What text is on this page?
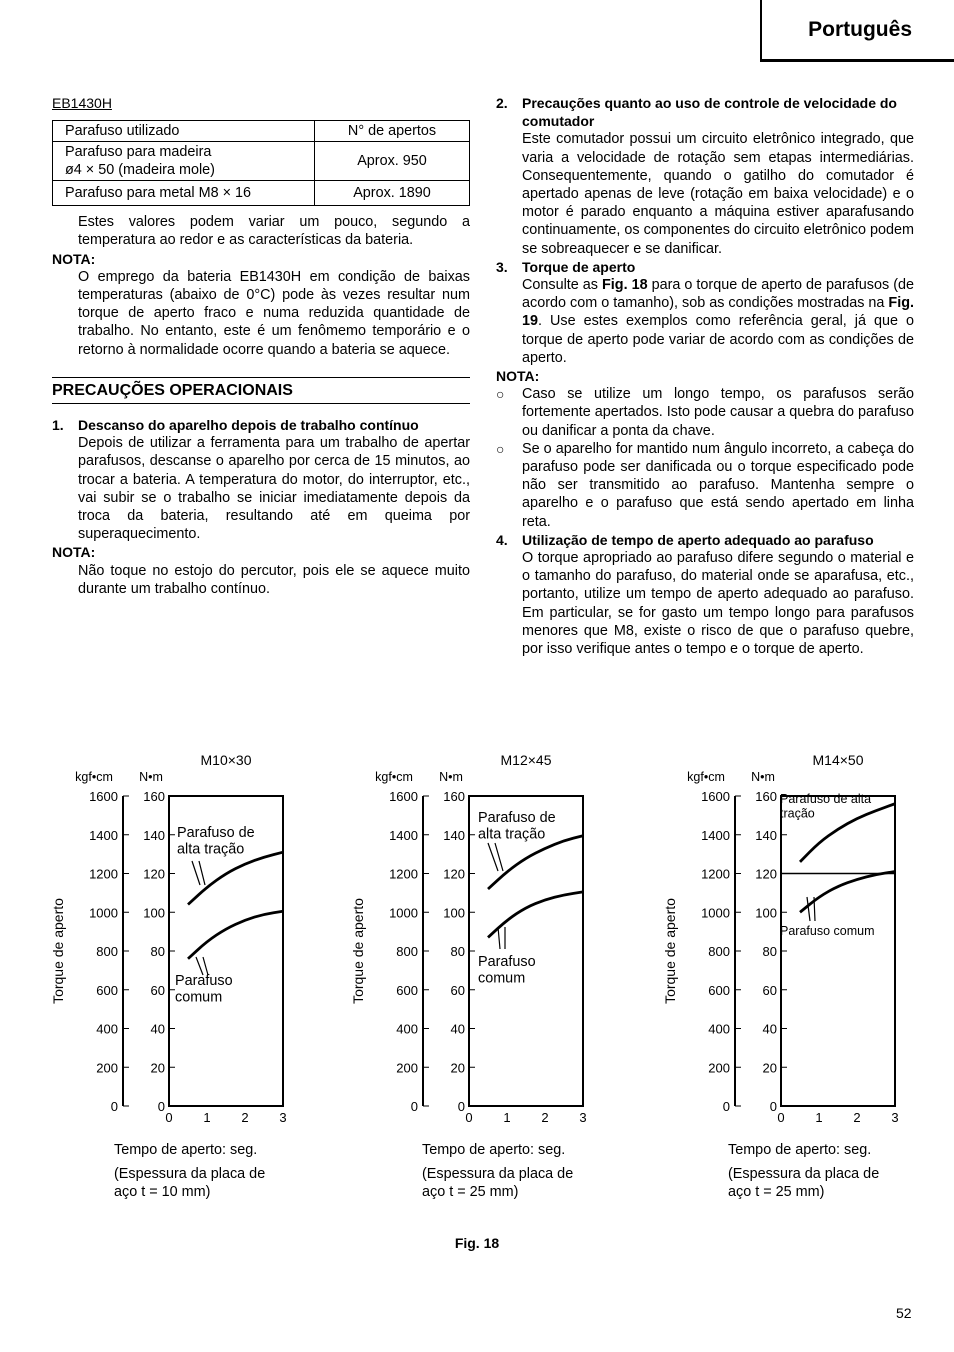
Português
EB1430H
Parafuso utilizado	N° de apertos

Parafuso para madeira
ø4 × 50 (madeira mole)	Aprox. 950
Parafuso para metal M8 × 16	Aprox. 1890

Estes valores podem variar um pouco, segundo a temperatura ao redor e as características da bateria.

NOTA:

O emprego da bateria EB1430H em condição de baixas temperaturas (abaixo de 0°C) pode às vezes resultar num torque de aperto fraco e numa reduzida quantidade de trabalho. No entanto, este é um fenômemo temporário e o retorno à normalidade ocorre quando a bateria se aquece.

PRECAUÇÕES OPERACIONAIS
1.	Descanso do aparelho depois de trabalho contínuo

Depois de utilizar a ferramenta para um trabalho de apertar parafusos, descanse o aparelho por cerca de 15 minutos, ao trocar a bateria. A temperatura do motor, do interruptor, etc., vai subir se o trabalho se iniciar imediatamente depois da troca da bateria, resultando até em queima por superaquecimento.

NOTA:

Não toque no estojo do percutor, pois ele se aquece muito durante um trabalho contínuo.

2.	Precauções quanto ao uso de controle de velocidade do comutador

Este comutador possui um circuito eletrônico integrado, que varia a velocidade de rotação sem etapas intermediárias. Consequentemente, quando o gatilho do comutador é apertado apenas de leve (rotação em baixa velocidade) e o motor é parado enquanto a máquina estiver aparafusando continuamente, os componentes do circuito eletrônico podem se sobreaquecer e se danificar.

3.	Torque de aperto

Consulte as Fig. 18 para o torque de aperto de parafusos (de acordo com o tamanho), sob as condições mostradas na Fig. 19. Use estes exemplos como referência geral, já que o torque de aperto pode variar de acordo com as condições de aperto.

NOTA:

○	Caso se utilize um longo tempo, os parafusos serão fortemente apertados. Isto pode causar a quebra do parafuso ou danificar a ponta da chave.

○	Se o aparelho for mantido num ângulo incorreto, a cabeça do parafuso pode ser danificada ou o torque especificado pode não ser transmitido ao parafuso. Mantenha sempre o aparelho e o parafuso que está sendo apertado em linha reta.

4.	Utilização de tempo de aperto adequado ao parafuso

O torque apropriado ao parafuso difere segundo o material e o tamanho do parafuso, do material onde se aparafusa, etc., portanto, utilize um tempo de aperto adequado ao parafuso. Em particular, se for gasto um tempo longo para parafusos menores que M8, existe o risco de que o parafuso quebre, por isso verifique antes o tempo e o torque de aperto.

M10×30
kgf•cm N•m
Torque de aperto
160
1600
140
1400
120
1200
100
1000
80
800
60
600
40
400
20
200
0
0
0 1 2 3
Parafuso de
alta tração
Parafuso
comum
Tempo de aperto: seg.
(Espessura da placa de
aço t = 10 mm)
M12×45
kgf•cm N•m
Torque de aperto
160
1600
140
1400
120
1200
100
1000
80
800
60
600
40
400
20
200
0
0
0 1 2 3
Parafuso de
alta tração
Parafuso
comum
Tempo de aperto: seg.
(Espessura da placa de
aço t = 25 mm)
M14×50
kgf•cm N•m
Torque de aperto
160
1600
140
1400
120
1200
100
1000
80
800
60
600
40
400
20
200
0
0
0 1 2 3
Parafuso de alta
tração
Parafuso comum
Tempo de aperto: seg.
(Espessura da placa de
aço t = 25 mm)
Fig. 18
52
